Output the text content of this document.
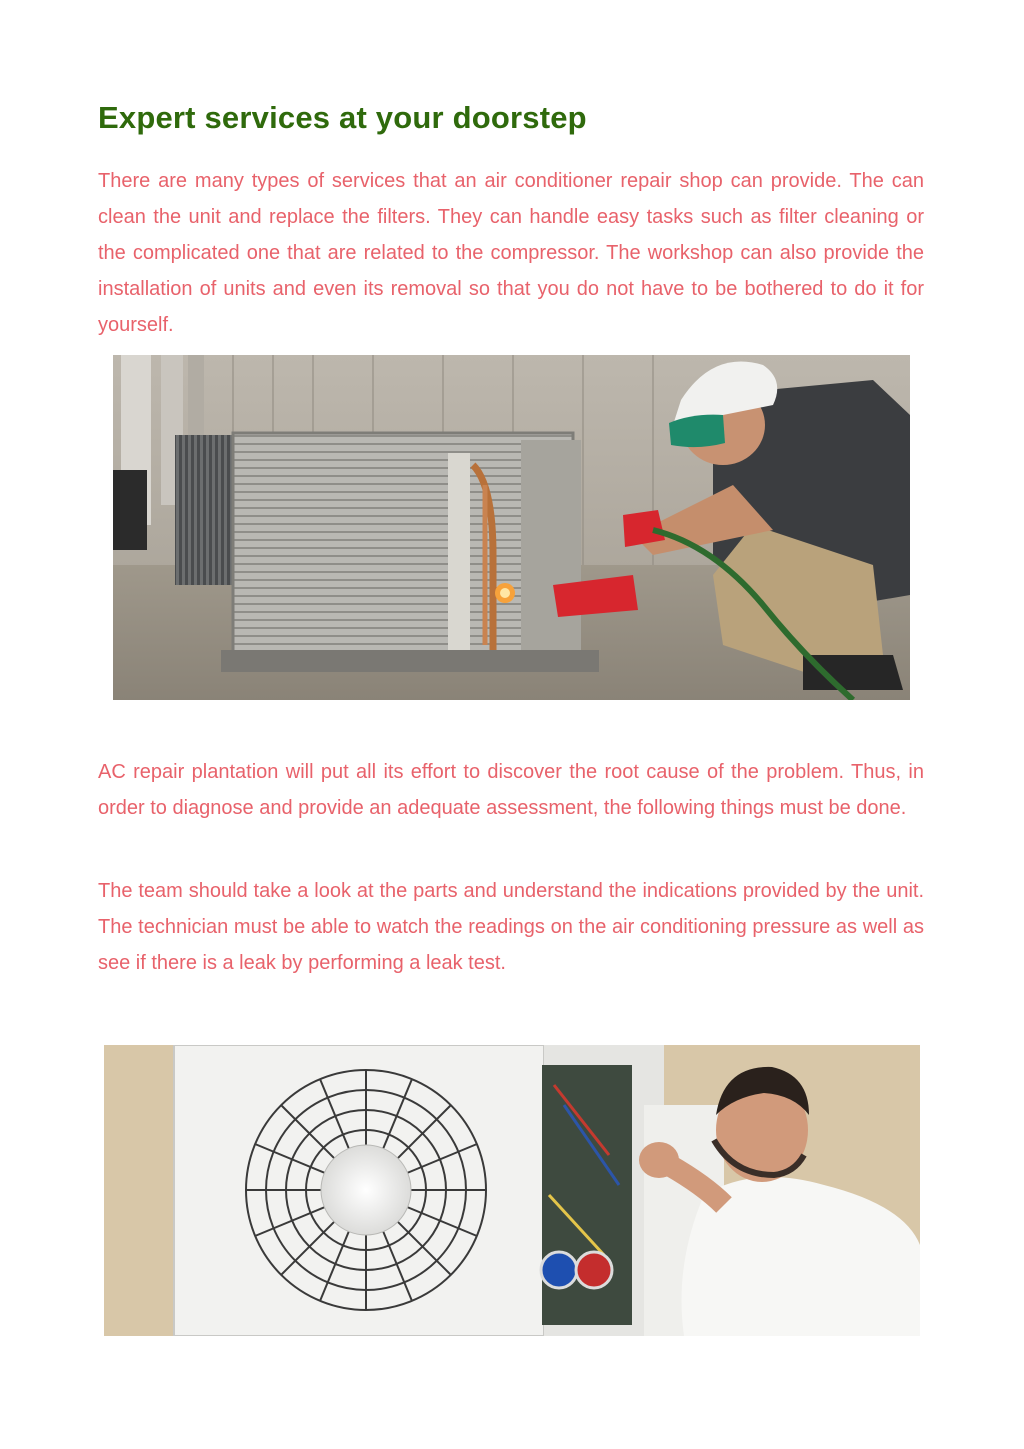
Expert services at your doorstep

There are many types of services that an air conditioner repair shop can provide. The can clean the unit and replace the filters. They can handle easy tasks such as filter cleaning or the complicated one that are related to the compressor. The workshop can also provide the installation of units and even its removal so that you do not have to be bothered to do it for yourself.

AC repair plantation will put all its effort to discover the root cause of the problem. Thus, in order to diagnose and provide an adequate assessment, the following things must be done.

The team should take a look at the parts and understand the indications provided by the unit. The technician must be able to watch the readings on the air conditioning pressure as well as see if there is a leak by performing a leak test.
